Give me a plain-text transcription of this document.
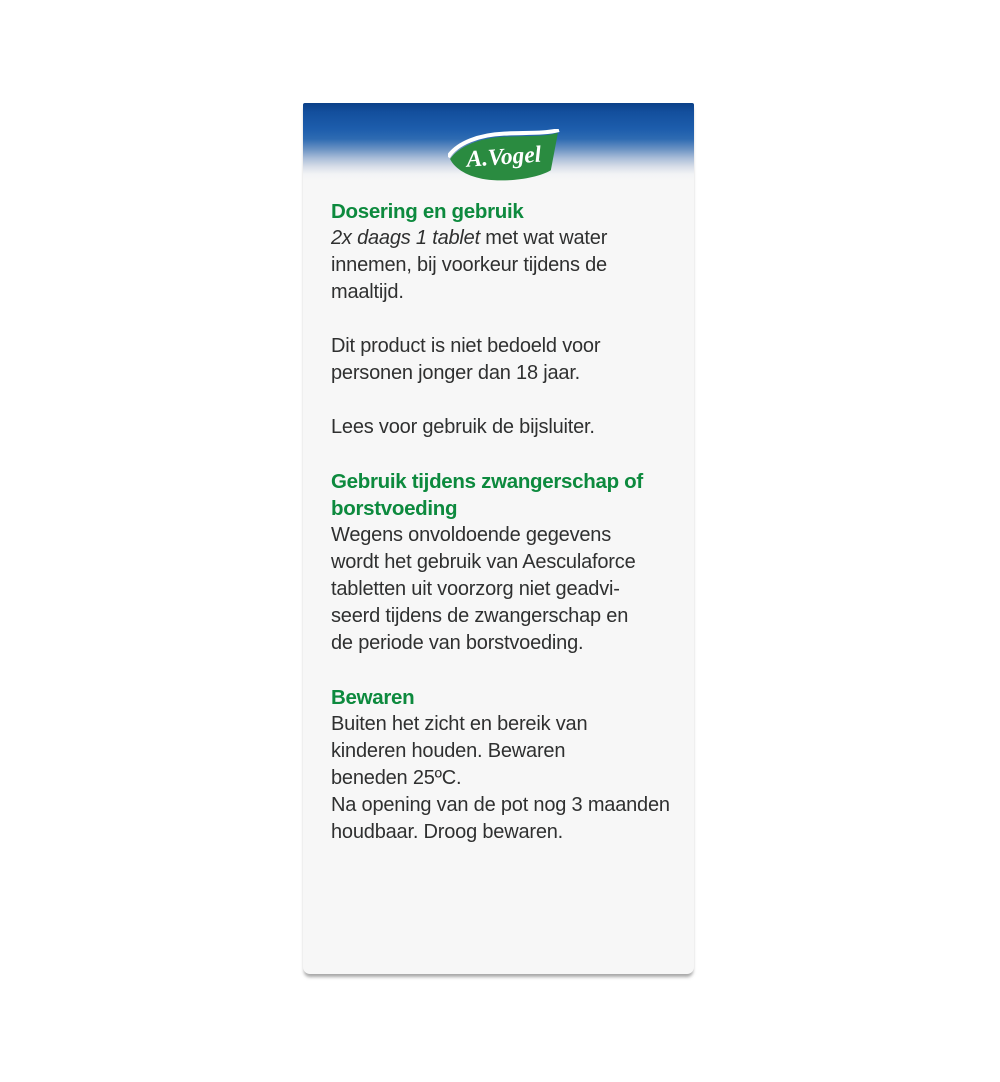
A.Vogel
Dosering en gebruik
2x daags 1 tablet met wat water
innemen, bij voorkeur tijdens de
maaltijd.
Dit product is niet bedoeld voor
personen jonger dan 18 jaar.
Lees voor gebruik de bijsluiter.
Gebruik tijdens zwangerschap of
borstvoeding
Wegens onvoldoende gegevens
wordt het gebruik van Aesculaforce
tabletten uit voorzorg niet geadvi-
seerd tijdens de zwangerschap en
de periode van borstvoeding.
Bewaren
Buiten het zicht en bereik van
kinderen houden. Bewaren
beneden 25ºC.
Na opening van de pot nog 3 maanden
houdbaar. Droog bewaren.
